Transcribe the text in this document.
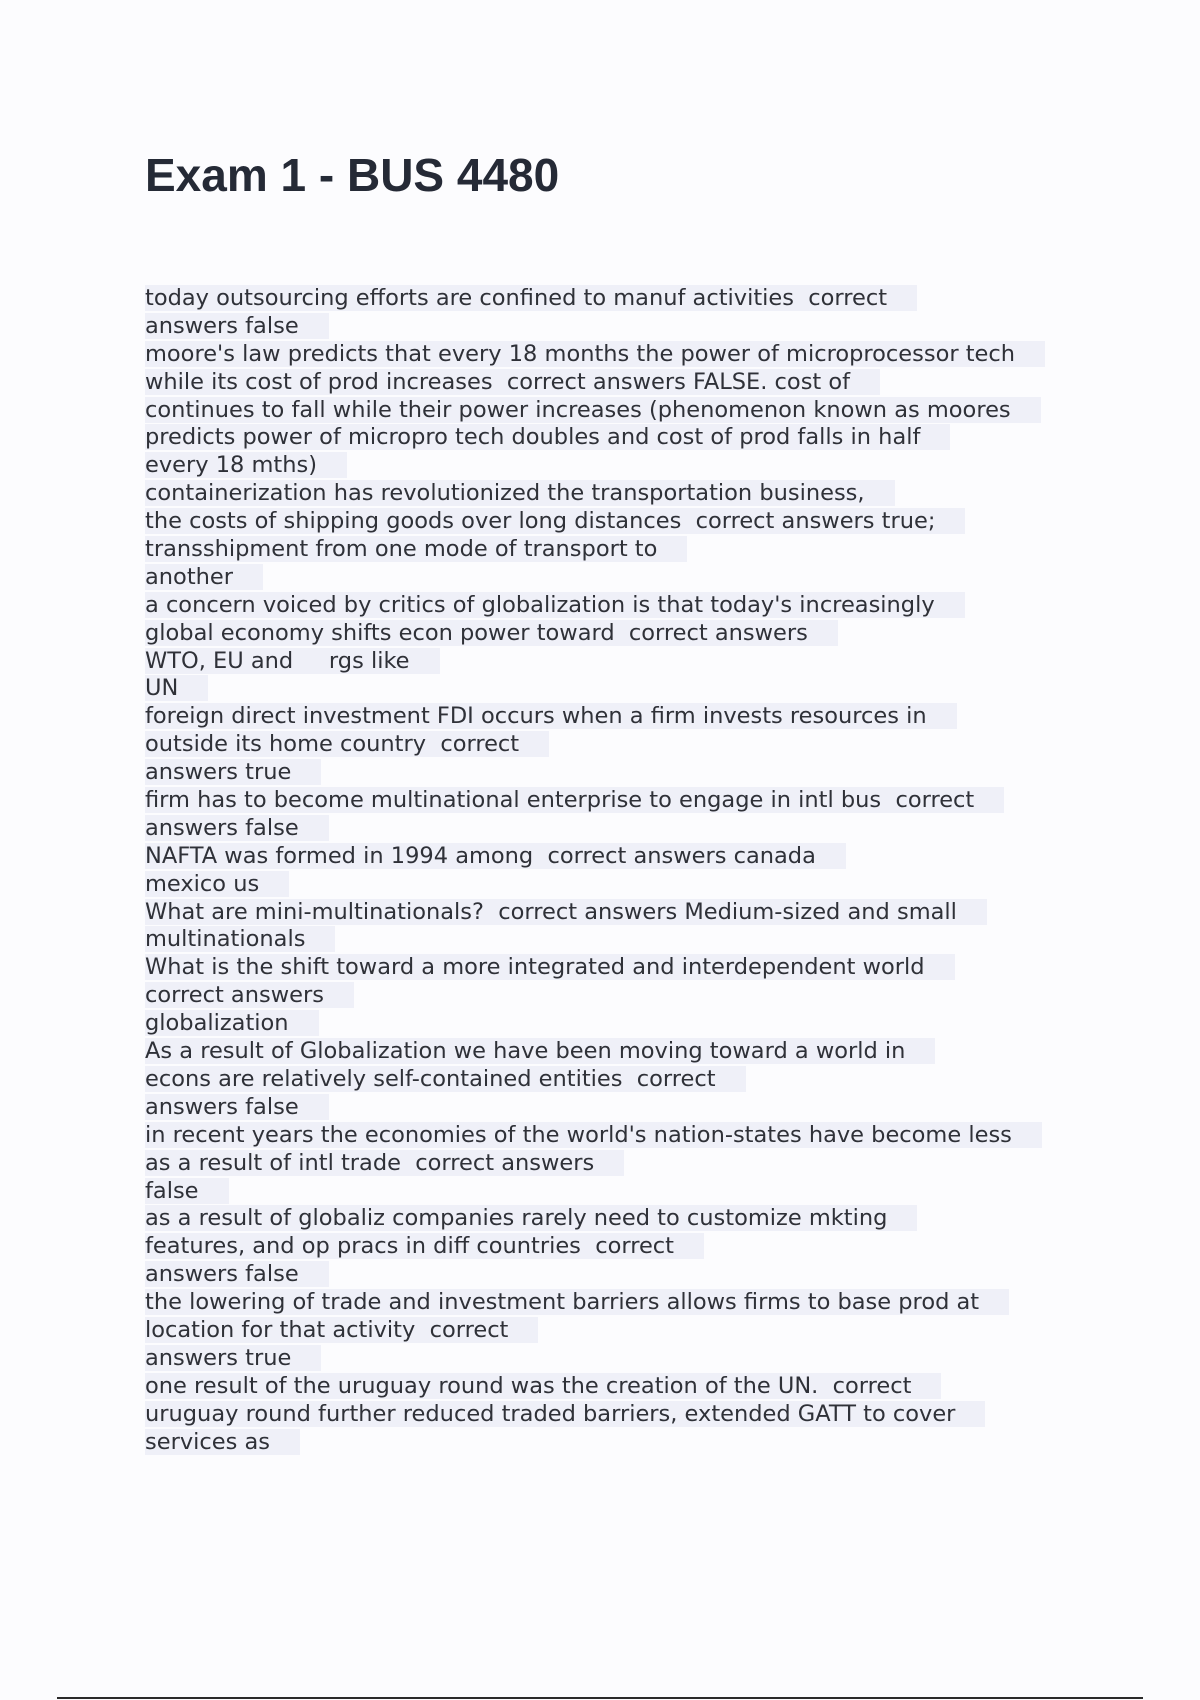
Exam 1 - BUS 4480
today outsourcing efforts are confined to manuf activities  correct
answers false
moore's law predicts that every 18 months the power of microprocessor tech
while its cost of prod increases  correct answers FALSE. cost of
continues to fall while their power increases (phenomenon known as moores
predicts power of micropro tech doubles and cost of prod falls in half
every 18 mths)
containerization has revolutionized the transportation business,
the costs of shipping goods over long distances  correct answers true;
transshipment from one mode of transport to
another
a concern voiced by critics of globalization is that today's increasingly
global economy shifts econ power toward  correct answers
WTO, EU and     rgs like
UN
foreign direct investment FDI occurs when a firm invests resources in
outside its home country  correct
answers true
firm has to become multinational enterprise to engage in intl bus  correct
answers false
NAFTA was formed in 1994 among  correct answers canada
mexico us
What are mini-multinationals?  correct answers Medium-sized and small
multinationals
What is the shift toward a more integrated and interdependent world
correct answers
globalization
As a result of Globalization we have been moving toward a world in
econs are relatively self-contained entities  correct
answers false
in recent years the economies of the world's nation-states have become less
as a result of intl trade  correct answers
false
as a result of globaliz companies rarely need to customize mkting
features, and op pracs in diff countries  correct
answers false
the lowering of trade and investment barriers allows firms to base prod at
location for that activity  correct
answers true
one result of the uruguay round was the creation of the UN.  correct
uruguay round further reduced traded barriers, extended GATT to cover
services as
